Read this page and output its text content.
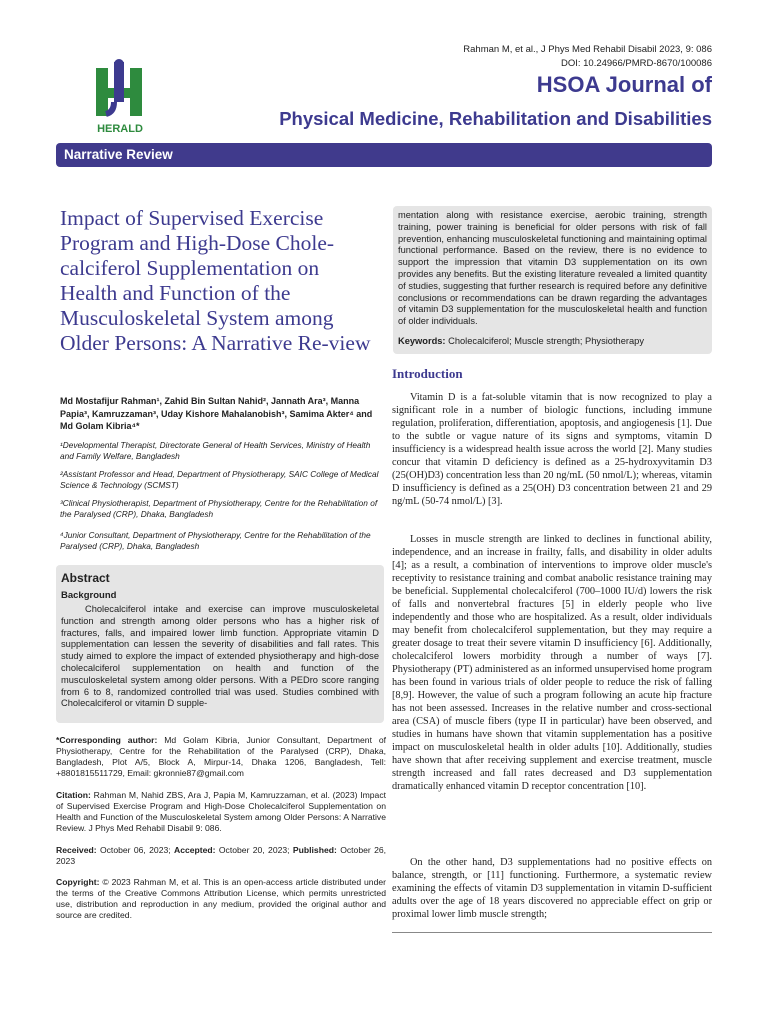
Rahman M, et al., J Phys Med Rehabil Disabil 2023, 9: 086
DOI: 10.24966/PMRD-8670/100086
HERALD
HSOA Journal of
Physical Medicine, Rehabilitation and Disabilities
Narrative Review
Impact of Supervised Exercise Program and High-Dose Chole-calciferol Supplementation on Health and Function of the Musculoskeletal System among Older Persons: A Narrative Re-view
Md Mostafijur Rahman¹, Zahid Bin Sultan Nahid², Jannath Ara³, Manna Papia³, Kamruzzaman³, Uday Kishore Mahalanobish³, Samima Akter⁴ and Md Golam Kibria⁴*
¹Developmental Therapist, Directorate General of Health Services, Ministry of Health and Family Welfare, Bangladesh
²Assistant Professor and Head, Department of Physiotherapy, SAIC College of Medical Science & Technology (SCMST)
³Clinical Physiotherapist, Department of Physiotherapy, Centre for the Rehabilitation of the Paralysed (CRP), Dhaka, Bangladesh
⁴Junior Consultant, Department of Physiotherapy, Centre for the Rehabilitation of the Paralysed (CRP), Dhaka, Bangladesh
Abstract
Background
Cholecalciferol intake and exercise can improve musculoskeletal function and strength among older persons who has a higher risk of fractures, falls, and impaired lower limb function. Appropriate vitamin D supplementation can lessen the severity of disabilities and fall rates. This study aimed to explore the impact of extended physiotherapy and high-dose cholecalciferol supplementation on health and function of the musculoskeletal system among older persons. With a PEDro score ranging from 6 to 8, randomized controlled trial was used. Studies combined with Cholecalciferol or vitamin D supple-
mentation along with resistance exercise, aerobic training, strength training, power training is beneficial for older persons with risk of fall prevention, enhancing musculoskeletal functioning and maintaining optimal functional performance. Based on the review, there is no evidence to support the impression that vitamin D3 supplementation on its own provides any benefits. But the existing literature revealed a limited quantity of studies, suggesting that further research is required before any definitive conclusions or recommendations can be drawn regarding the advantages of vitamin D3 supplementation for the musculoskeletal health and function of older individuals.
Keywords: Cholecalciferol; Muscle strength; Physiotherapy
*Corresponding author: Md Golam Kibria, Junior Consultant, Department of Physiotherapy, Centre for the Rehabilitation of the Paralysed (CRP), Dhaka, Bangladesh, Plot A/5, Block A, Mirpur-14, Dhaka 1206, Bangladesh, Tell: +8801815511729, Email: gkronnie87@gmail.com
Citation: Rahman M, Nahid ZBS, Ara J, Papia M, Kamruzzaman, et al. (2023) Impact of Supervised Exercise Program and High-Dose Cholecalciferol Supplementation on Health and Function of the Musculoskeletal System among Older Persons: A Narrative Review. J Phys Med Rehabil Disabil 9: 086.
Received: October 06, 2023; Accepted: October 20, 2023; Published: October 26, 2023
Copyright: © 2023 Rahman M, et al. This is an open-access article distributed under the terms of the Creative Commons Attribution License, which permits unrestricted use, distribution and reproduction in any medium, provided the original author and source are credited.
Introduction
Vitamin D is a fat-soluble vitamin that is now recognized to play a significant role in a number of biologic functions, including immune regulation, proliferation, differentiation, apoptosis, and angiogenesis [1]. Due to the subtle or vague nature of its signs and symptoms, vitamin D insufficiency is a widespread health issue across the world [2]. Many studies concur that vitamin D deficiency is defined as a 25-hydroxyvitamin D3 (25(OH)D3) concentration less than 20 ng/mL (50 nmol/L); whereas, vitamin D insufficiency is defined as a 25(OH) D3 concentration between 21 and 29 ng/mL (50-74 nmol/L) [3].
Losses in muscle strength are linked to declines in functional ability, independence, and an increase in frailty, falls, and disability in older adults [4]; as a result, a combination of interventions to improve older muscle's receptivity to resistance training and combat anabolic resistance training may be beneficial. Supplemental cholecalciferol (700–1000 IU/d) lowers the risk of falls and nonvertebral fractures [5] in elderly people who live independently and those who are hospitalized. As a result, older individuals may benefit from cholecalciferol supplementation, but they may require a greater dosage to treat their severe vitamin D insufficiency [6]. Additionally, cholecalciferol lowers morbidity through a number of ways [7]. Physiotherapy (PT) administered as an informed unsupervised home program has been found in various trials of older people to reduce the risk of falling [8,9]. However, the value of such a program following an acute hip fracture has not been assessed. Increases in the relative number and cross-sectional area (CSA) of muscle fibers (type II in particular) have been observed, and studies in humans have shown that vitamin supplementation has a positive impact on musculoskeletal health in older adults [10]. Additionally, studies have shown that after receiving supplement and exercise treatment, muscle strength increased and fall rates decreased and D3 supplementation dramatically enhanced vitamin D receptor concentration [10].
On the other hand, D3 supplementations had no positive effects on balance, strength, or [11] functioning. Furthermore, a systematic review examining the effects of vitamin D3 supplementation in vitamin D-sufficient adults over the age of 18 years discovered no appreciable effect on grip or proximal lower limb muscle strength;
